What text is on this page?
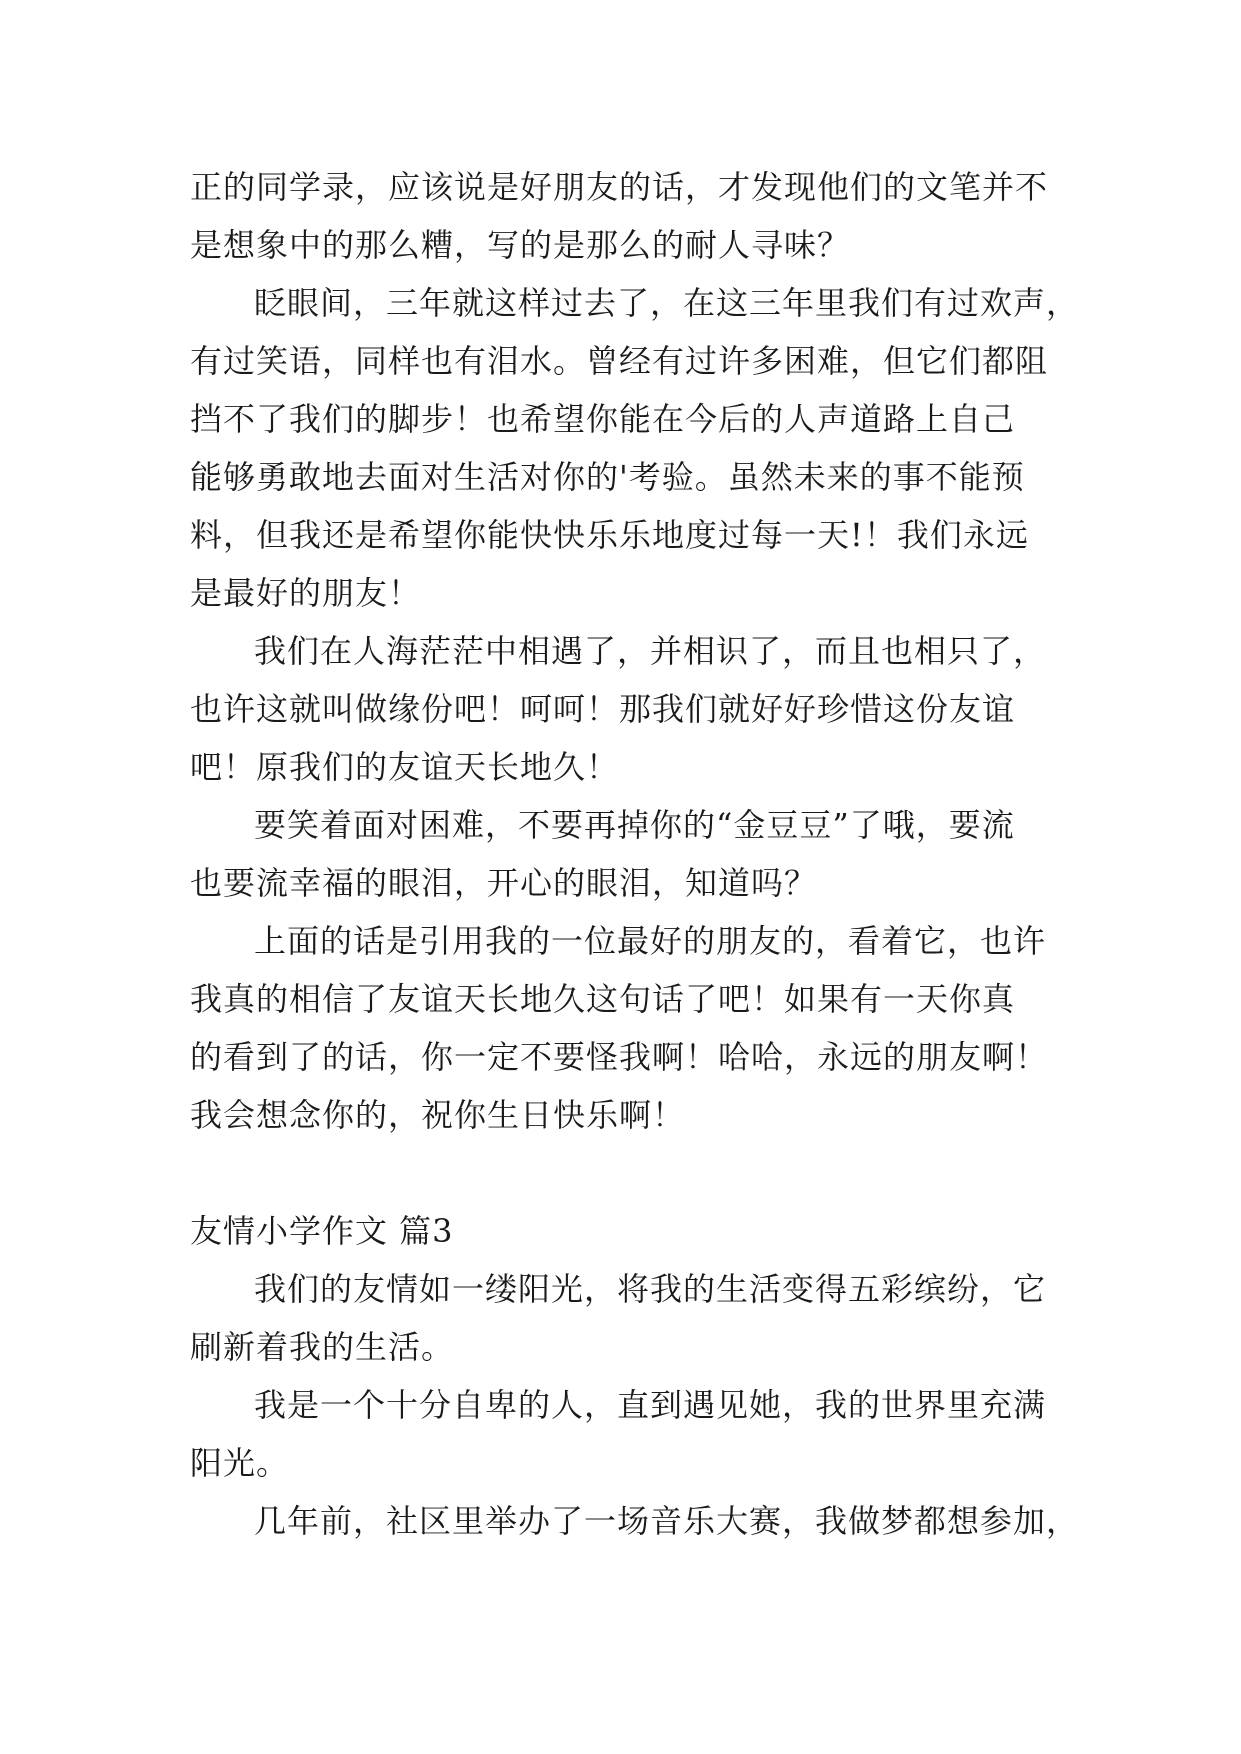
正的同学录，应该说是好朋友的话，才发现他们的文笔并不
是想象中的那么糟，写的是那么的耐人寻味？
眨眼间，三年就这样过去了，在这三年里我们有过欢声，
有过笑语，同样也有泪水。曾经有过许多困难，但它们都阻
挡不了我们的脚步！也希望你能在今后的人声道路上自己
能够勇敢地去面对生活对你的'考验。虽然未来的事不能预
料，但我还是希望你能快快乐乐地度过每一天!！我们永远
是最好的朋友！
我们在人海茫茫中相遇了，并相识了，而且也相只了，
也许这就叫做缘份吧！呵呵！那我们就好好珍惜这份友谊
吧！原我们的友谊天长地久！
要笑着面对困难，不要再掉你的“金豆豆”了哦，要流
也要流幸福的眼泪，开心的眼泪，知道吗？
上面的话是引用我的一位最好的朋友的，看着它，也许
我真的相信了友谊天长地久这句话了吧！如果有一天你真
的看到了的话，你一定不要怪我啊！哈哈，永远的朋友啊！
我会想念你的，祝你生日快乐啊！
友情小学作文 篇3
我们的友情如一缕阳光，将我的生活变得五彩缤纷，它
刷新着我的生活。
我是一个十分自卑的人，直到遇见她，我的世界里充满
阳光。
几年前，社区里举办了一场音乐大赛，我做梦都想参加，
